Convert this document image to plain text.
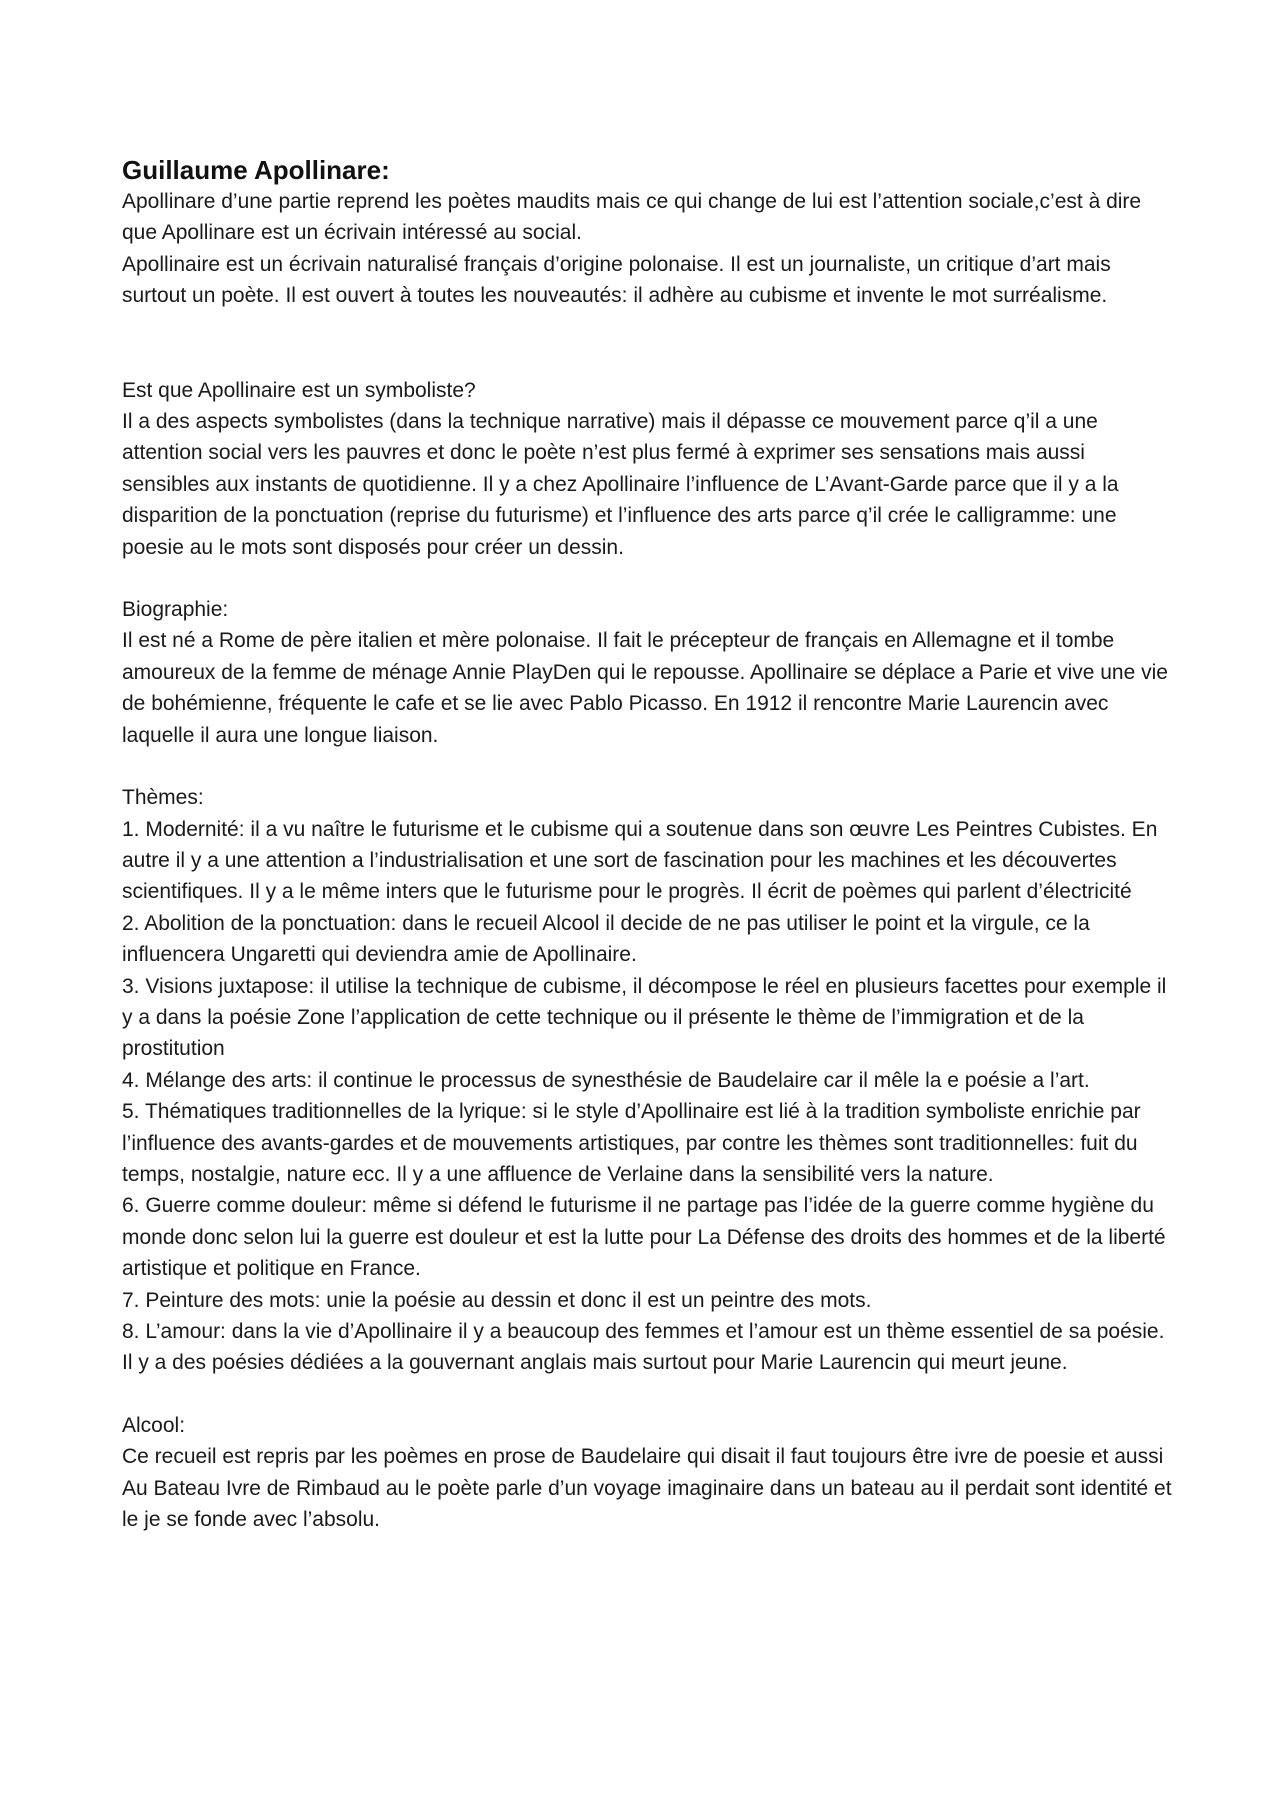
Guillaume Apollinare:

Apollinare d’une partie reprend les poètes maudits mais ce qui change de lui est l’attention sociale,c’est à dire que Apollinare est un écrivain intéressé au social.

Apollinaire est un écrivain naturalisé français d’origine polonaise. Il est un journaliste, un critique d’art mais surtout un poète. Il est ouvert à toutes les nouveautés: il adhère au cubisme et invente le mot surréalisme.

Est que Apollinaire est un symboliste?

Il a des aspects symbolistes (dans la technique narrative) mais il dépasse ce mouvement parce q’il a une attention social vers les pauvres et donc le poète n’est plus fermé à exprimer ses sensations mais aussi sensibles aux instants de quotidienne. Il y a chez Apollinaire l’influence de L’Avant-Garde parce que il y a la disparition de la ponctuation (reprise du futurisme) et l’influence des arts parce q’il crée le calligramme: une poesie au le mots sont disposés pour créer un dessin.

Biographie:

Il est né a Rome de père italien et mère polonaise. Il fait le précepteur de français en Allemagne et il tombe amoureux de la femme de ménage Annie PlayDen qui le repousse. Apollinaire se déplace a Parie et vive une vie de bohémienne, fréquente le cafe et se lie avec Pablo Picasso. En 1912 il rencontre Marie Laurencin avec laquelle il aura une longue liaison.

Thèmes:

1. Modernité: il a vu naître le futurisme et le cubisme qui a soutenue dans son œuvre Les Peintres Cubistes. En autre il y a une attention a l’industrialisation et une sort de fascination pour les machines et les découvertes scientifiques. Il y a le même inters que le futurisme pour le progrès. Il écrit de poèmes qui parlent d’électricité

2. Abolition de la ponctuation: dans le recueil Alcool il decide de ne pas utiliser le point et la virgule, ce la influencera Ungaretti qui deviendra amie de Apollinaire.

3. Visions juxtapose: il utilise la technique de cubisme, il décompose le réel en plusieurs facettes pour exemple il y a dans la poésie Zone l’application de cette technique ou il présente le thème de l’immigration et de la prostitution

4. Mélange des arts: il continue le processus de synesthésie de Baudelaire car il mêle la e poésie a l’art.

5. Thématiques traditionnelles de la lyrique: si le style d’Apollinaire est lié à la tradition symboliste enrichie par l’influence des avants-gardes et de mouvements artistiques, par contre les thèmes sont traditionnelles: fuit du temps, nostalgie, nature ecc. Il y a une affluence de Verlaine dans la sensibilité vers la nature.

6. Guerre comme douleur: même si défend le futurisme il ne partage pas l’idée de la guerre comme hygiène du monde donc selon lui la guerre est douleur et est la lutte pour La Défense des droits des hommes et de la liberté artistique et politique en France.

7. Peinture des mots: unie la poésie au dessin et donc il est un peintre des mots.

8. L’amour: dans la vie d’Apollinaire il y a beaucoup des femmes et l’amour est un thème essentiel de sa poésie. Il y a des poésies dédiées a la gouvernant anglais mais surtout pour Marie Laurencin qui meurt jeune.

Alcool:

Ce recueil est repris par les poèmes en prose de Baudelaire qui disait il faut toujours être ivre de poesie et aussi Au Bateau Ivre de Rimbaud au le poète parle d’un voyage imaginaire dans un bateau au il perdait sont identité et le je se fonde avec l’absolu.
